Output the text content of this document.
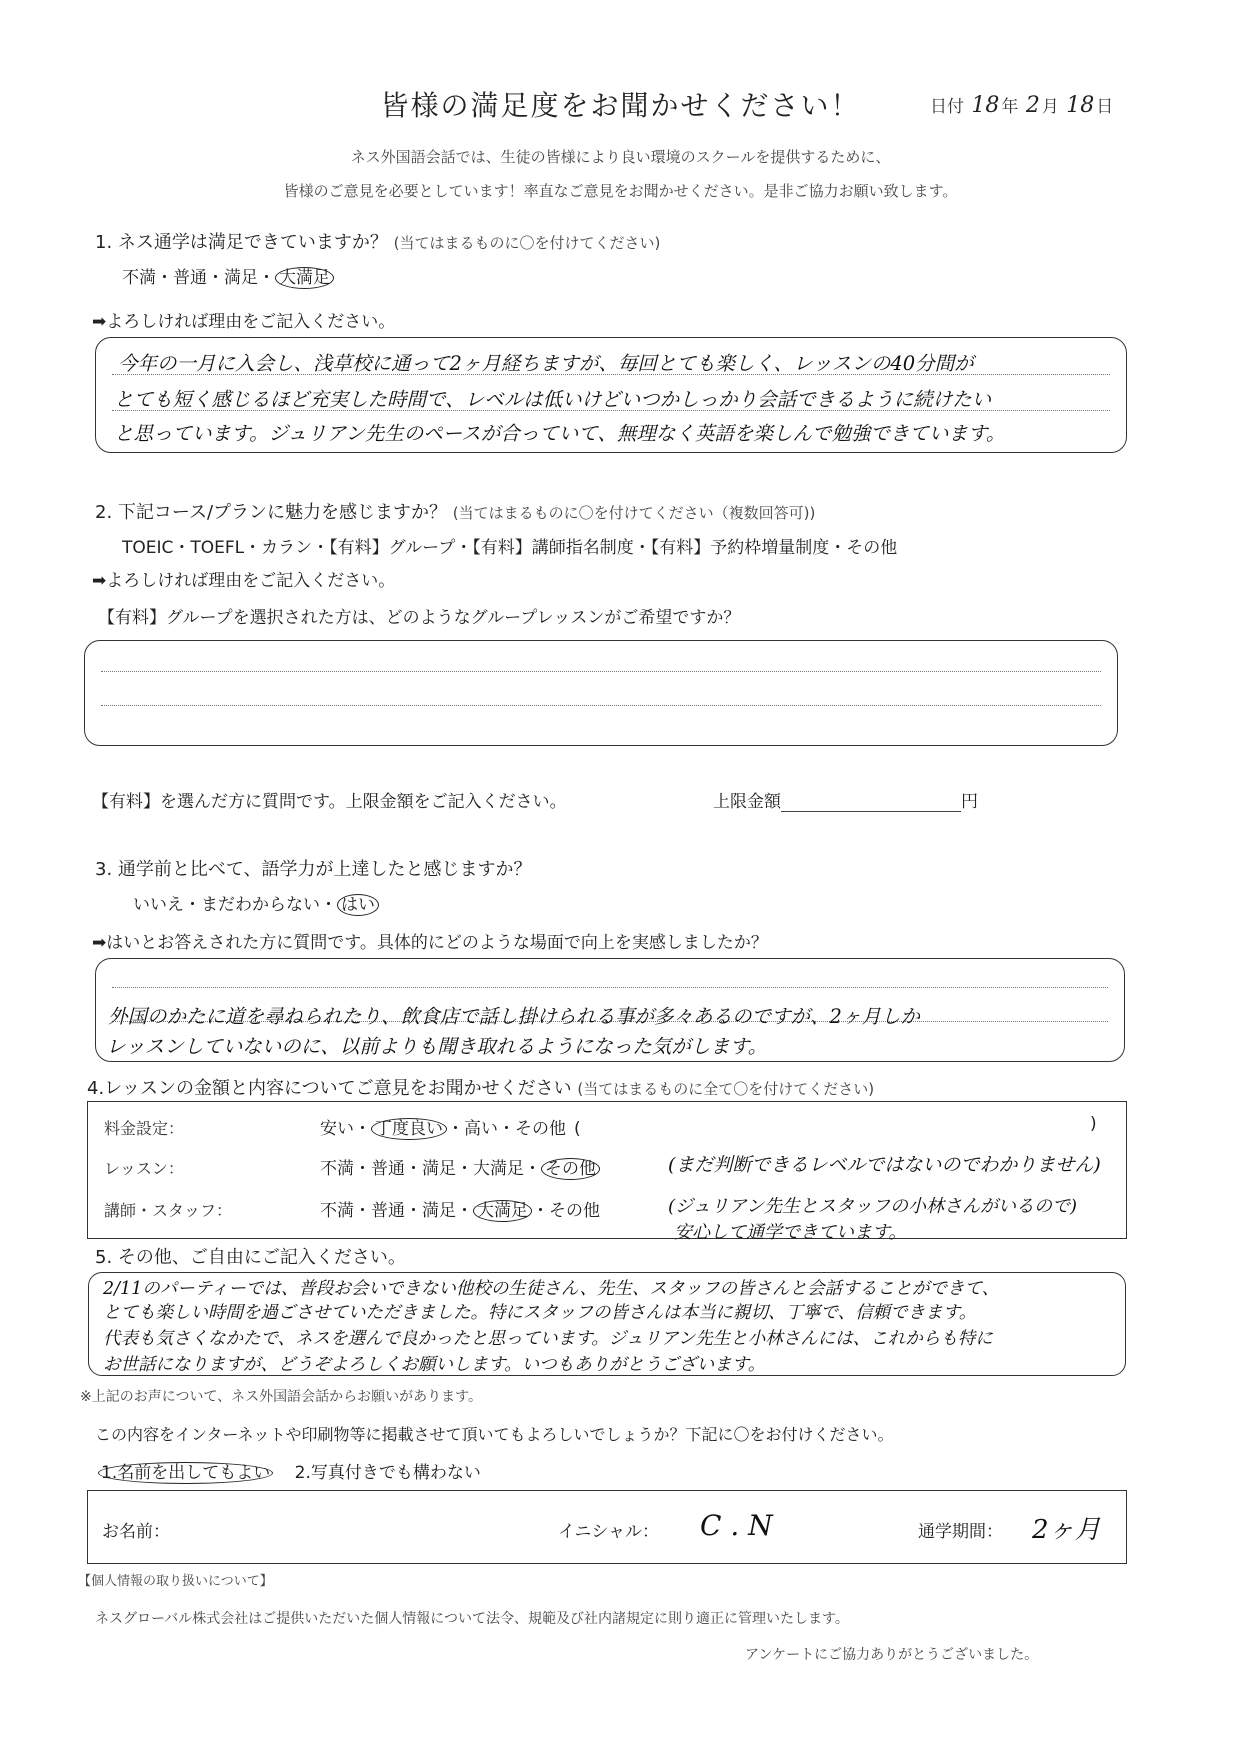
皆様の満足度をお聞かせください！	日付 18 年 2 月 18 日
ネス外国語会話では、生徒の皆様により良い環境のスクールを提供するために、
皆様のご意見を必要としています！率直なご意見をお聞かせください。是非ご協力お願い致します。
1. ネス通学は満足できていますか？ (当てはまるものに〇を付けてください)
不満・普通・満足・ 大満足
➡よろしければ理由をご記入ください。
今年の一月に入会し、浅草校に通って2ヶ月経ちますが、毎回とても楽しく、レッスンの40分間が
とても短く感じるほど充実した時間で、レベルは低いけどいつかしっかり会話できるように続けたい
と思っています。ジュリアン先生のペースが合っていて、無理なく英語を楽しんで勉強できています。
2. 下記コース/プランに魅力を感じますか？ (当てはまるものに〇を付けてください（複数回答可))
TOEIC・TOEFL・カラン・【有料】グループ・【有料】講師指名制度・【有料】予約枠増量制度・その他
➡よろしければ理由をご記入ください。
【有料】グループを選択された方は、どのようなグループレッスンがご希望ですか？
【有料】を選んだ方に質問です。上限金額をご記入ください。	上限金額	円
3. 通学前と比べて、語学力が上達したと感じますか？
いいえ・まだわからない・ はい
➡はいとお答えされた方に質問です。具体的にどのような場面で向上を実感しましたか？
外国のかたに道を尋ねられたり、飲食店で話し掛けられる事が多々あるのですが、2ヶ月しか
レッスンしていないのに、以前よりも聞き取れるようになった気がします。
4.レッスンの金額と内容についてご意見をお聞かせください (当てはまるものに全て〇を付けてください)
料金設定：	安い・ 丁度良い ・高い・その他 (	)
レッスン：	不満・普通・満足・大満足・ その他	(まだ判断できるレベルではないのでわかりません)
講師・スタッフ：	不満・普通・満足・ 大満足 ・その他	(ジュリアン先生とスタッフの小林さんがいるので)
安心して通学できています。
5. その他、ご自由にご記入ください。
2/11のパーティーでは、普段お会いできない他校の生徒さん、先生、スタッフの皆さんと会話することができて、
とても楽しい時間を過ごさせていただきました。特にスタッフの皆さんは本当に親切、丁寧で、信頼できます。
代表も気さくなかたで、ネスを選んで良かったと思っています。ジュリアン先生と小林さんには、これからも特に
お世話になりますが、どうぞよろしくお願いします。いつもありがとうございます。
※上記のお声について、ネス外国語会話からお願いがあります。
この内容をインターネットや印刷物等に掲載させて頂いてもよろしいでしょうか？下記に〇をお付けください。
1.名前を出してもよい 2.写真付きでも構わない
お名前：	イニシャル： C . N	通学期間： 2ヶ月
【個人情報の取り扱いについて】
ネスグローバル株式会社はご提供いただいた個人情報について法令、規範及び社内諸規定に則り適正に管理いたします。
アンケートにご協力ありがとうございました。
